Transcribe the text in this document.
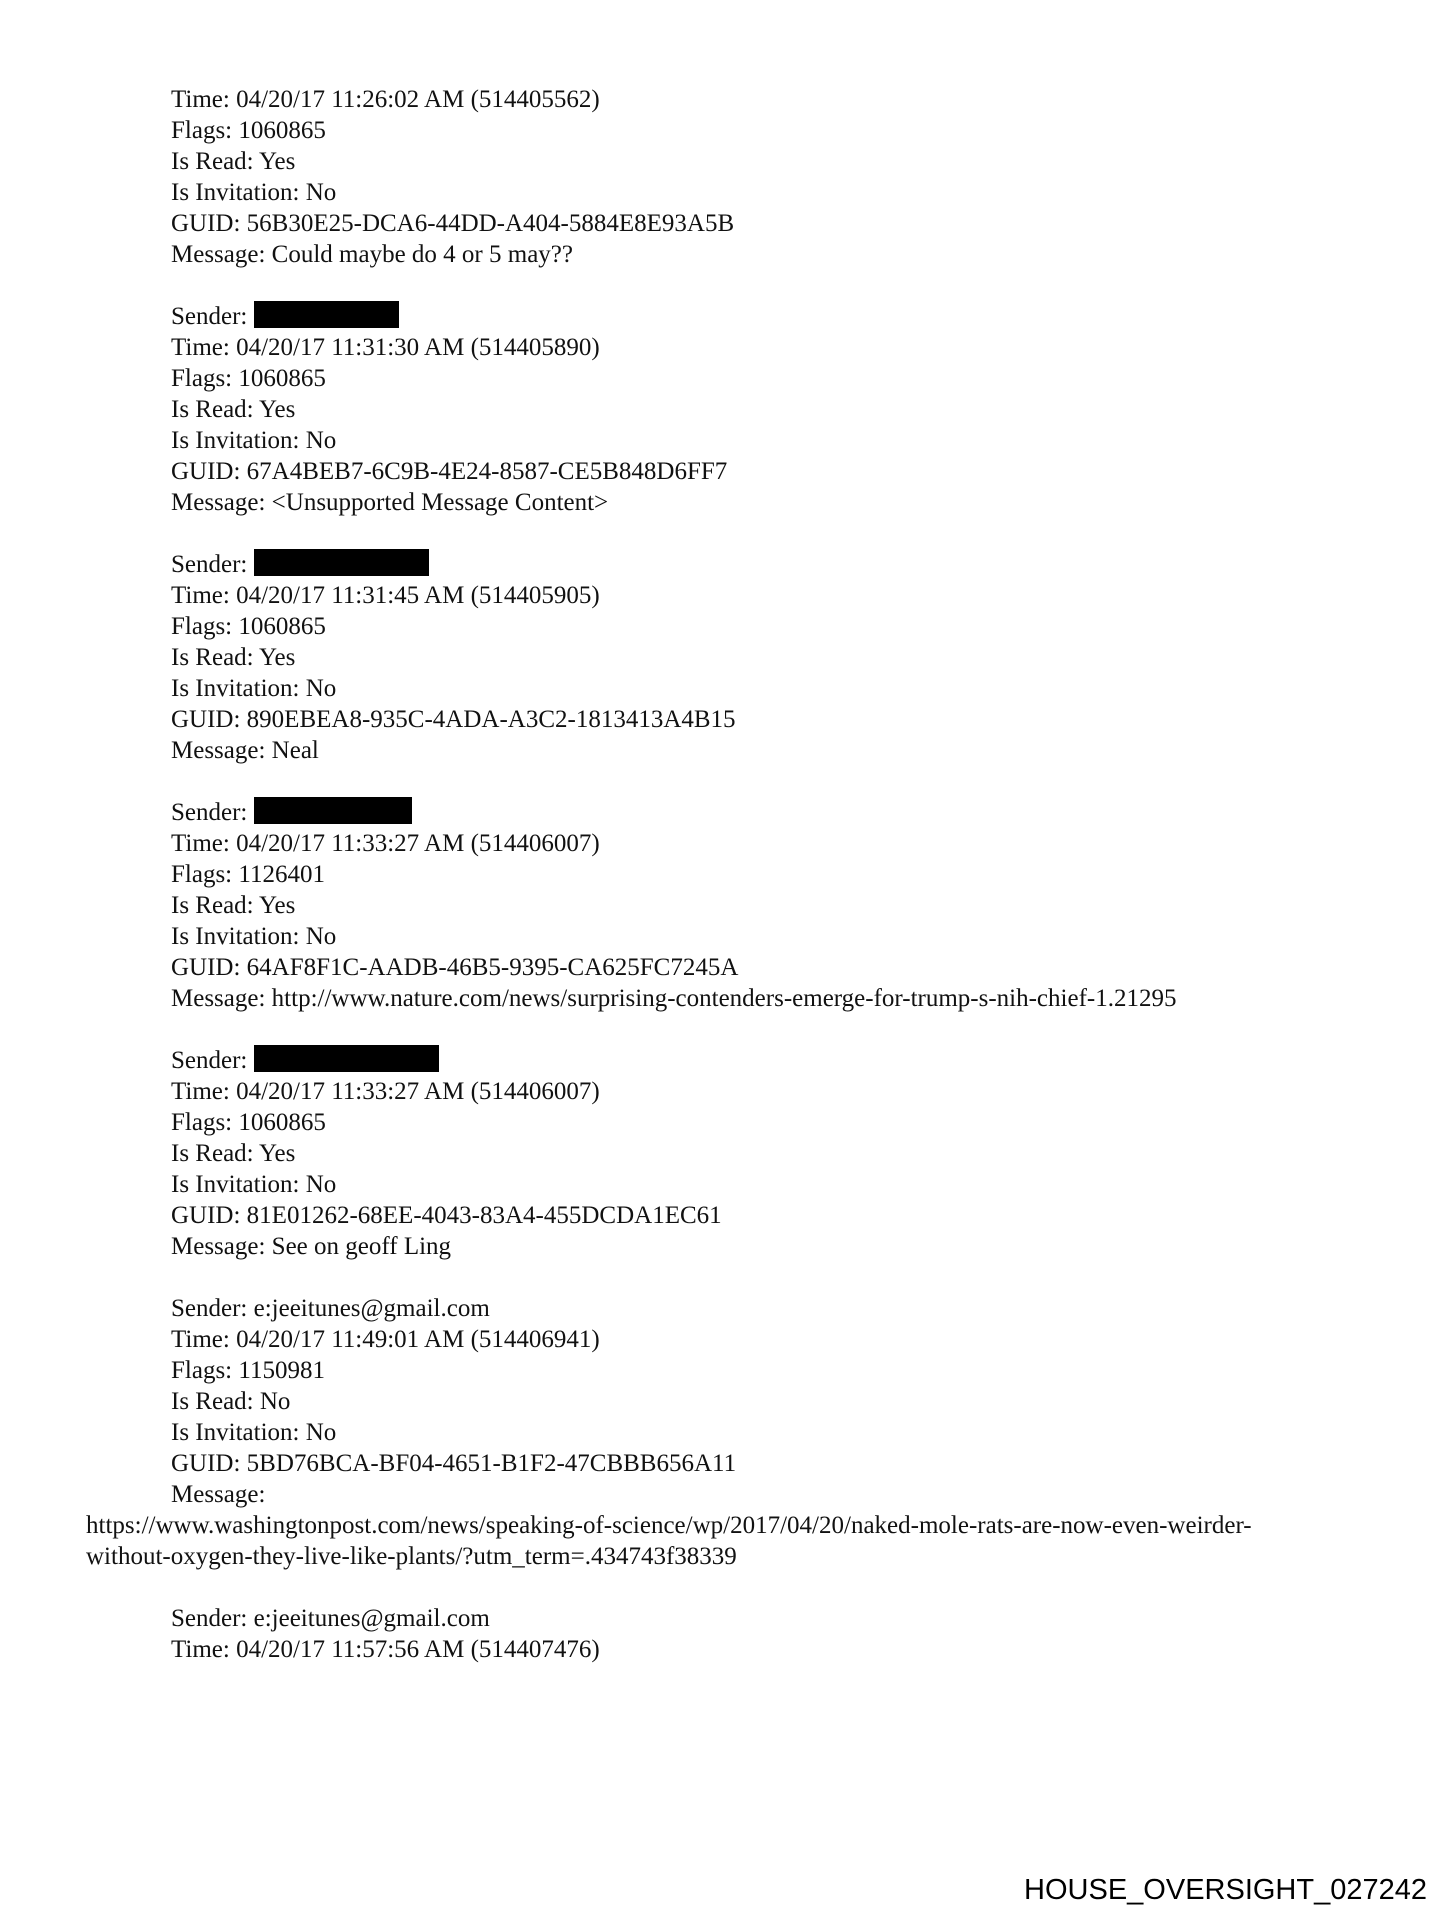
Time: 04/20/17 11:26:02 AM (514405562)
Flags: 1060865
Is Read: Yes
Is Invitation: No
GUID: 56B30E25-DCA6-44DD-A404-5884E8E93A5B
Message: Could maybe do 4 or 5 may??
Sender:
Time: 04/20/17 11:31:30 AM (514405890)
Flags: 1060865
Is Read: Yes
Is Invitation: No
GUID: 67A4BEB7-6C9B-4E24-8587-CE5B848D6FF7
Message: <Unsupported Message Content>
Sender:
Time: 04/20/17 11:31:45 AM (514405905)
Flags: 1060865
Is Read: Yes
Is Invitation: No
GUID: 890EBEA8-935C-4ADA-A3C2-1813413A4B15
Message: Neal
Sender:
Time: 04/20/17 11:33:27 AM (514406007)
Flags: 1126401
Is Read: Yes
Is Invitation: No
GUID: 64AF8F1C-AADB-46B5-9395-CA625FC7245A
Message: http://www.nature.com/news/surprising-contenders-emerge-for-trump-s-nih-chief-1.21295
Sender:
Time: 04/20/17 11:33:27 AM (514406007)
Flags: 1060865
Is Read: Yes
Is Invitation: No
GUID: 81E01262-68EE-4043-83A4-455DCDA1EC61
Message: See on geoff Ling
Sender: e:jeeitunes@gmail.com
Time: 04/20/17 11:49:01 AM (514406941)
Flags: 1150981
Is Read: No
Is Invitation: No
GUID: 5BD76BCA-BF04-4651-B1F2-47CBBB656A11
Message:
https://www.washingtonpost.com/news/speaking-of-science/wp/2017/04/20/naked-mole-rats-are-now-even-weirder-
without-oxygen-they-live-like-plants/?utm_term=.434743f38339
Sender: e:jeeitunes@gmail.com
Time: 04/20/17 11:57:56 AM (514407476)
HOUSE_OVERSIGHT_027242
